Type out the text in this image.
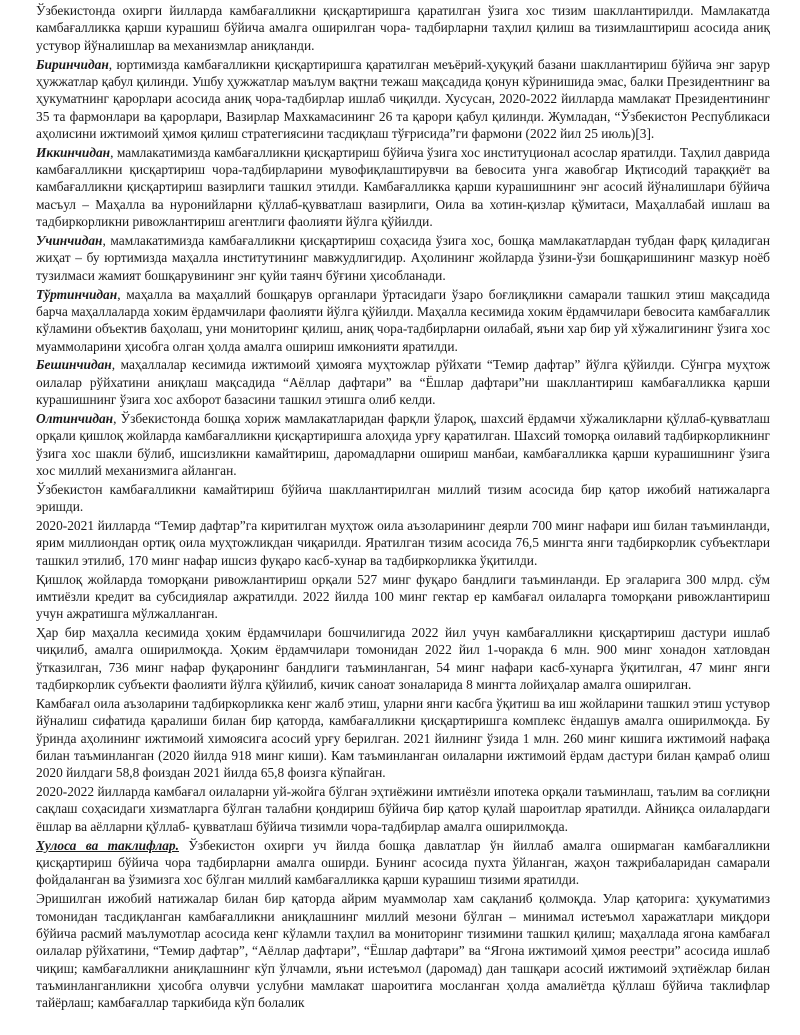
Ўзбекистонда охирги йилларда камбағалликни қисқартиришга қаратилган ўзига хос тизим шакллантирилди. Мамлакатда камбағалликка қарши курашиш бўйича амалга оширилган чора- тадбирларни таҳлил қилиш ва тизимлаштириш асосида аниқ устувор йўналишлар ва механизмлар аниқланди.

Биринчидан, юртимизда камбағалликни қисқартиришга қаратилган меъёрий-ҳуқуқий базани шакллантириш бўйича энг зарур ҳужжатлар қабул қилинди. Ушбу ҳужжатлар маълум вақтни тежаш мақсадида қонун кўринишида эмас, балки Президентнинг ва ҳукуматнинг қарорлари асосида аниқ чора-тадбирлар ишлаб чиқилди. Хусусан, 2020-2022 йилларда мамлакат Президентининг 35 та фармонлари ва қарорлари, Вазирлар Махкамасининг 26 та қарори қабул қилинди. Жумладан, “Ўзбекистон Республикаси аҳолисини ижтимоий ҳимоя қилиш стратегиясини тасдиқлаш тўғрисида”ги фармони (2022 йил 25 июль)[3].

Иккинчидан, мамлакатимизда камбағалликни қисқартириш бўйича ўзига хос институционал асослар яратилди. Таҳлил даврида камбағалликни қисқартириш чора-тадбирларини мувофиқлаштирувчи ва бевосита унга жавобгар Иқтисодий тараққиёт ва камбағалликни қисқартириш вазирлиги ташкил этилди. Камбағалликка қарши курашишнинг энг асосий йўналишлари бўйича масъул – Маҳалла ва нуронийларни қўллаб-қувватлаш вазирлиги, Оила ва хотин-қизлар қўмитаси, Маҳаллабай ишлаш ва тадбиркорликни ривожлантириш агентлиги фаолияти йўлга қўйилди.

Учинчидан, мамлакатимизда камбағалликни қисқартириш соҳасида ўзига хос, бошқа мамлакатлардан тубдан фарқ қиладиган жиҳат – бу юртимизда маҳалла институтининг мавжудлигидир. Аҳолининг жойларда ўзини-ўзи бошқаришининг мазкур ноёб тузилмаси жамият бошқарувининг энг қуйи таянч бўғини ҳисобланади.

Тўртинчидан, маҳалла ва маҳаллий бошқарув органлари ўртасидаги ўзаро боғлиқликни самарали ташкил этиш мақсадида барча маҳаллаларда хоким ёрдамчилари фаолияти йўлга қўйилди. Маҳалла кесимида хоким ёрдамчилари бевосита камбағаллик кўламини объектив баҳолаш, уни мониторинг қилиш, аниқ чора-тадбирларни оилабай, яъни хар бир уй хўжалигининг ўзига хос муаммоларини ҳисобга олган ҳолда амалга ошириш имконияти яратилди.

Бешинчидан, маҳаллалар кесимида ижтимоий ҳимояга муҳтожлар рўйхати “Темир дафтар” йўлга қўйилди. Сўнгра муҳтож оилалар рўйхатини аниқлаш мақсадида “Аёллар дафтари” ва “Ёшлар дафтари”ни шакллантириш камбағалликка қарши курашишнинг ўзига хос ахборот базасини ташкил этишга олиб келди.

Олтинчидан, Ўзбекистонда бошқа хориж мамлакатларидан фарқли ўлароқ, шахсий ёрдамчи хўжаликларни қўллаб-қувватлаш орқали қишлоқ жойларда камбағалликни қисқартиришга алоҳида урғу қаратилган. Шахсий томорқа оилавий тадбиркорликнинг ўзига хос шакли бўлиб, ишсизликни камайтириш, даромадларни ошириш манбаи, камбағалликка қарши курашишнинг ўзига хос миллий механизмига айланган.

Ўзбекистон камбағалликни камайтириш бўйича шакллантирилган миллий тизим асосида бир қатор ижобий натижаларга эришди.

2020-2021 йилларда “Темир дафтар”га киритилган муҳтож оила аъзоларининг деярли 700 минг нафари иш билан таъминланди, ярим миллиондан ортиқ оила муҳтожликдан чиқарилди. Яратилган тизим асосида 76,5 мингта янги тадбиркорлик субъектлари ташкил этилиб, 170 минг нафар ишсиз фуқаро касб-хунар ва тадбиркорликка ўқитилди.

Қишлоқ жойларда томорқани ривожлантириш орқали 527 минг фуқаро бандлиги таъминланди. Ер эгаларига 300 млрд. сўм имтиёзли кредит ва субсидиялар ажратилди. 2022 йилда 100 минг гектар ер камбағал оилаларга томорқани ривожлантириш учун ажратишга мўлжалланган.

Ҳар бир маҳалла кесимида ҳоким ёрдамчилари бошчилигида 2022 йил учун камбағалликни қисқартириш дастури ишлаб чиқилиб, амалга оширилмоқда. Ҳоким ёрдамчилари томонидан 2022 йил 1-чоракда 6 млн. 900 минг хонадон хатловдан ўтказилган, 736 минг нафар фуқаронинг бандлиги таъминланган, 54 минг нафари касб-хунарга ўқитилган, 47 минг янги тадбиркорлик субъекти фаолияти йўлга қўйилиб, кичик саноат зоналарида 8 мингта лойиҳалар амалга оширилган.

Камбағал оила аъзоларини тадбиркорликка кенг жалб этиш, уларни янги касбга ўқитиш ва иш жойларини ташкил этиш устувор йўналиш сифатида қаралиши билан бир қаторда, камбағалликни қисқартиришга комплекс ёндашув амалга оширилмоқда. Бу ўринда аҳолининг ижтимоий химоясига асосий урғу берилган. 2021 йилнинг ўзида 1 млн. 260 минг кишига ижтимоий нафақа билан таъминланган (2020 йилда 918 минг киши). Кам таъминланган оилаларни ижтимоий ёрдам дастури билан қамраб олиш 2020 йилдаги 58,8 фоиздан 2021 йилда 65,8 фоизга кўпайган.

2020-2022 йилларда камбағал оилаларни уй-жойга бўлган эҳтиёжини имтиёзли ипотека орқали таъминлаш, таълим ва соғлиқни сақлаш соҳасидаги хизматларга бўлган талабни қондириш бўйича бир қатор қулай шароитлар яратилди. Айниқса оилалардаги ёшлар ва аёлларни қўллаб- қувватлаш бўйича тизимли чора-тадбирлар амалга оширилмоқда.

Хулоса ва таклифлар. Ўзбекистон охирги уч йилда бошқа давлатлар ўн йиллаб амалга оширмаган камбағалликни қисқартириш бўйича чора тадбирларни амалга оширди. Бунинг асосида пухта ўйланган, жаҳон тажрибаларидан самарали фойдаланган ва ўзимизга хос бўлган миллий камбағалликка қарши курашиш тизими яратилди.

Эришилган ижобий натижалар билан бир қаторда айрим муаммолар хам сақланиб қолмоқда. Улар қаторига: ҳукуматимиз томонидан тасдиқланган камбағалликни аниқлашнинг миллий мезони бўлган – минимал истеъмол харажатлари миқдори бўйича расмий маълумотлар асосида кенг кўламли таҳлил ва мониторинг тизимини ташкил қилиш; маҳаллада ягона камбағал оилалар рўйхатини, “Темир дафтар”, “Аёллар дафтари”, “Ёшлар дафтари” ва “Ягона ижтимоий ҳимоя реестри” асосида ишлаб чиқиш; камбағалликни аниқлашнинг кўп ўлчамли, яъни истеъмол (даромад) дан ташқари асосий ижтимоий эҳтиёжлар билан таъминланганликни ҳисобга олувчи услубни мамлакат шароитига мосланган ҳолда амалиётда қўллаш бўйича таклифлар тайёрлаш; камбағаллар таркибида кўп болалик
